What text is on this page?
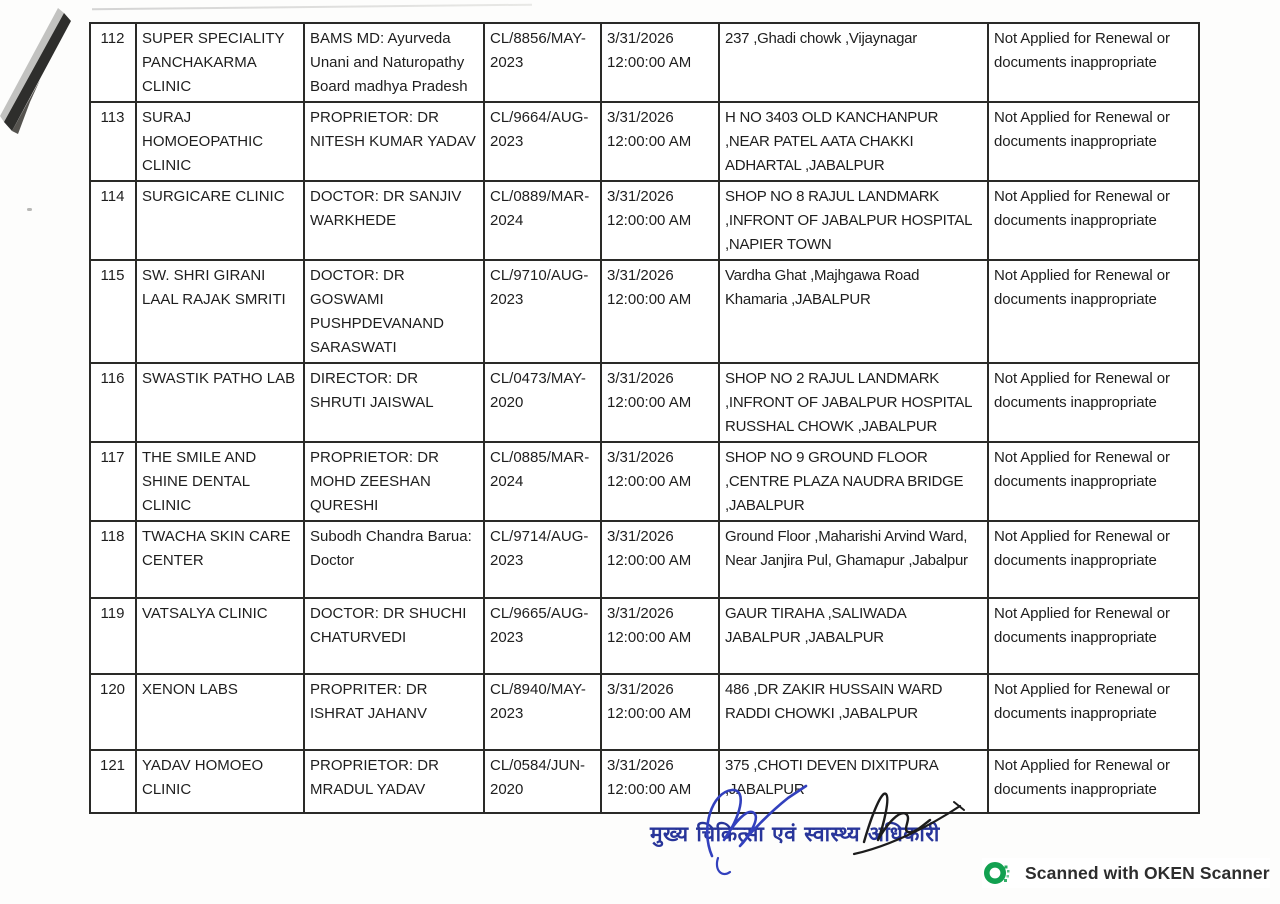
112	SUPER SPECIALITY PANCHAKARMA CLINIC	BAMS MD: Ayurveda Unani and Naturopathy Board madhya Pradesh	CL/8856/MAY-2023	3/31/2026 12:00:00 AM	237 ,Ghadi chowk ,Vijaynagar	Not Applied for Renewal or documents inappropriate
113	SURAJ HOMOEOPATHIC CLINIC	PROPRIETOR: DR NITESH KUMAR YADAV	CL/9664/AUG-2023	3/31/2026 12:00:00 AM	H NO 3403 OLD KANCHANPUR ,NEAR PATEL AATA CHAKKI ADHARTAL ,JABALPUR	Not Applied for Renewal or documents inappropriate
114	SURGICARE CLINIC	DOCTOR: DR SANJIV WARKHEDE	CL/0889/MAR-2024	3/31/2026 12:00:00 AM	SHOP NO 8 RAJUL LANDMARK ,INFRONT OF JABALPUR HOSPITAL ,NAPIER TOWN	Not Applied for Renewal or documents inappropriate
115	SW. SHRI GIRANI LAAL RAJAK SMRITI	DOCTOR: DR GOSWAMI PUSHPDEVANAND SARASWATI	CL/9710/AUG-2023	3/31/2026 12:00:00 AM	Vardha Ghat ,Majhgawa Road Khamaria ,JABALPUR	Not Applied for Renewal or documents inappropriate
116	SWASTIK PATHO LAB	DIRECTOR: DR SHRUTI JAISWAL	CL/0473/MAY-2020	3/31/2026 12:00:00 AM	SHOP NO 2 RAJUL LANDMARK ,INFRONT OF JABALPUR HOSPITAL RUSSHAL CHOWK ,JABALPUR	Not Applied for Renewal or documents inappropriate
117	THE SMILE AND SHINE DENTAL CLINIC	PROPRIETOR: DR MOHD ZEESHAN QURESHI	CL/0885/MAR-2024	3/31/2026 12:00:00 AM	SHOP NO 9 GROUND FLOOR ,CENTRE PLAZA NAUDRA BRIDGE ,JABALPUR	Not Applied for Renewal or documents inappropriate
118	TWACHA SKIN CARE CENTER	Subodh Chandra Barua: Doctor	CL/9714/AUG-2023	3/31/2026 12:00:00 AM	Ground Floor ,Maharishi Arvind Ward, Near Janjira Pul, Ghamapur ,Jabalpur	Not Applied for Renewal or documents inappropriate
119	VATSALYA CLINIC	DOCTOR: DR SHUCHI CHATURVEDI	CL/9665/AUG-2023	3/31/2026 12:00:00 AM	GAUR TIRAHA ,SALIWADA JABALPUR ,JABALPUR	Not Applied for Renewal or documents inappropriate
120	XENON LABS	PROPRITER: DR ISHRAT JAHANV	CL/8940/MAY-2023	3/31/2026 12:00:00 AM	486 ,DR ZAKIR HUSSAIN WARD RADDI CHOWKI ,JABALPUR	Not Applied for Renewal or documents inappropriate
121	YADAV HOMOEO CLINIC	PROPRIETOR: DR MRADUL YADAV	CL/0584/JUN-2020	3/31/2026 12:00:00 AM	375 ,CHOTI DEVEN DIXITPURA ,JABALPUR	Not Applied for Renewal or documents inappropriate
मुख्य चिकित्सा एवं स्वास्थ्य अधिकारी
Scanned with OKEN Scanner
